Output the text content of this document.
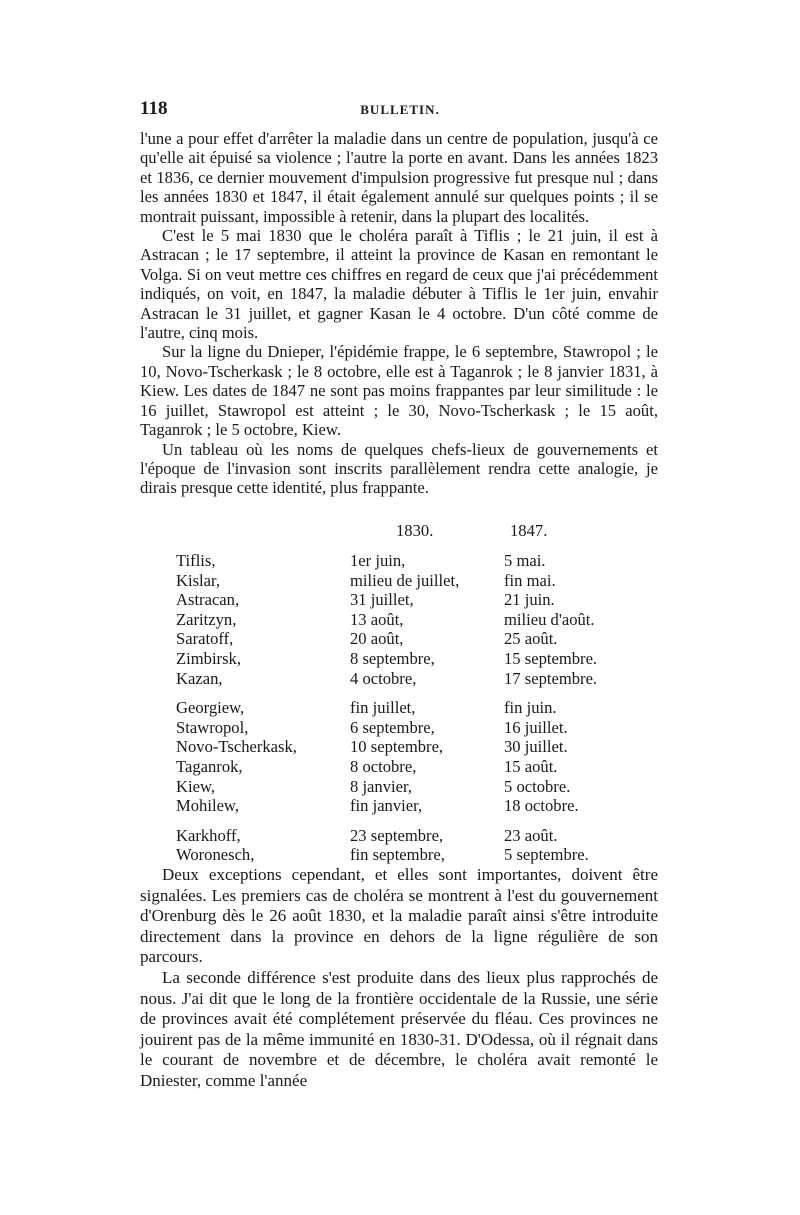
118	BULLETIN.

l'une a pour effet d'arrêter la maladie dans un centre de population, jusqu'à ce qu'elle ait épuisé sa violence ; l'autre la porte en avant. Dans les années 1823 et 1836, ce dernier mouvement d'impulsion progressive fut presque nul ; dans les années 1830 et 1847, il était également annulé sur quelques points ; il se montrait puissant, impossible à retenir, dans la plupart des localités.

C'est le 5 mai 1830 que le choléra paraît à Tiflis ; le 21 juin, il est à Astracan ; le 17 septembre, il atteint la province de Kasan en remontant le Volga. Si on veut mettre ces chiffres en regard de ceux que j'ai précédemment indiqués, on voit, en 1847, la maladie débuter à Tiflis le 1er juin, envahir Astracan le 31 juillet, et gagner Kasan le 4 octobre. D'un côté comme de l'autre, cinq mois.

Sur la ligne du Dnieper, l'épidémie frappe, le 6 septembre, Stawropol ; le 10, Novo-Tscherkask ; le 8 octobre, elle est à Taganrok ; le 8 janvier 1831, à Kiew. Les dates de 1847 ne sont pas moins frappantes par leur similitude : le 16 juillet, Stawropol est atteint ; le 30, Novo-Tscherkask ; le 15 août, Taganrok ; le 5 octobre, Kiew.

Un tableau où les noms de quelques chefs-lieux de gouvernements et l'époque de l'invasion sont inscrits parallèlement rendra cette analogie, je dirais presque cette identité, plus frappante.

1830.	1847.
Tiflis,	1er juin,	5 mai.
Kislar,	milieu de juillet,	fin mai.
Astracan,	31 juillet,	21 juin.
Zaritzyn,	13 août,	milieu d'août.
Saratoff,	20 août,	25 août.
Zimbirsk,	8 septembre,	15 septembre.
Kazan,	4 octobre,	17 septembre.
Georgiew,	fin juillet,	fin juin.
Stawropol,	6 septembre,	16 juillet.
Novo-Tscherkask,	10 septembre,	30 juillet.
Taganrok,	8 octobre,	15 août.
Kiew,	8 janvier,	5 octobre.
Mohilew,	fin janvier,	18 octobre.
Karkhoff,	23 septembre,	23 août.
Woronesch,	fin septembre,	5 septembre.

Deux exceptions cependant, et elles sont importantes, doivent être signalées. Les premiers cas de choléra se montrent à l'est du gouvernement d'Orenburg dès le 26 août 1830, et la maladie paraît ainsi s'être introduite directement dans la province en dehors de la ligne régulière de son parcours.

La seconde différence s'est produite dans des lieux plus rapprochés de nous. J'ai dit que le long de la frontière occidentale de la Russie, une série de provinces avait été complétement préservée du fléau. Ces provinces ne jouirent pas de la même immunité en 1830-31. D'Odessa, où il régnait dans le courant de novembre et de décembre, le choléra avait remonté le Dniester, comme l'année
